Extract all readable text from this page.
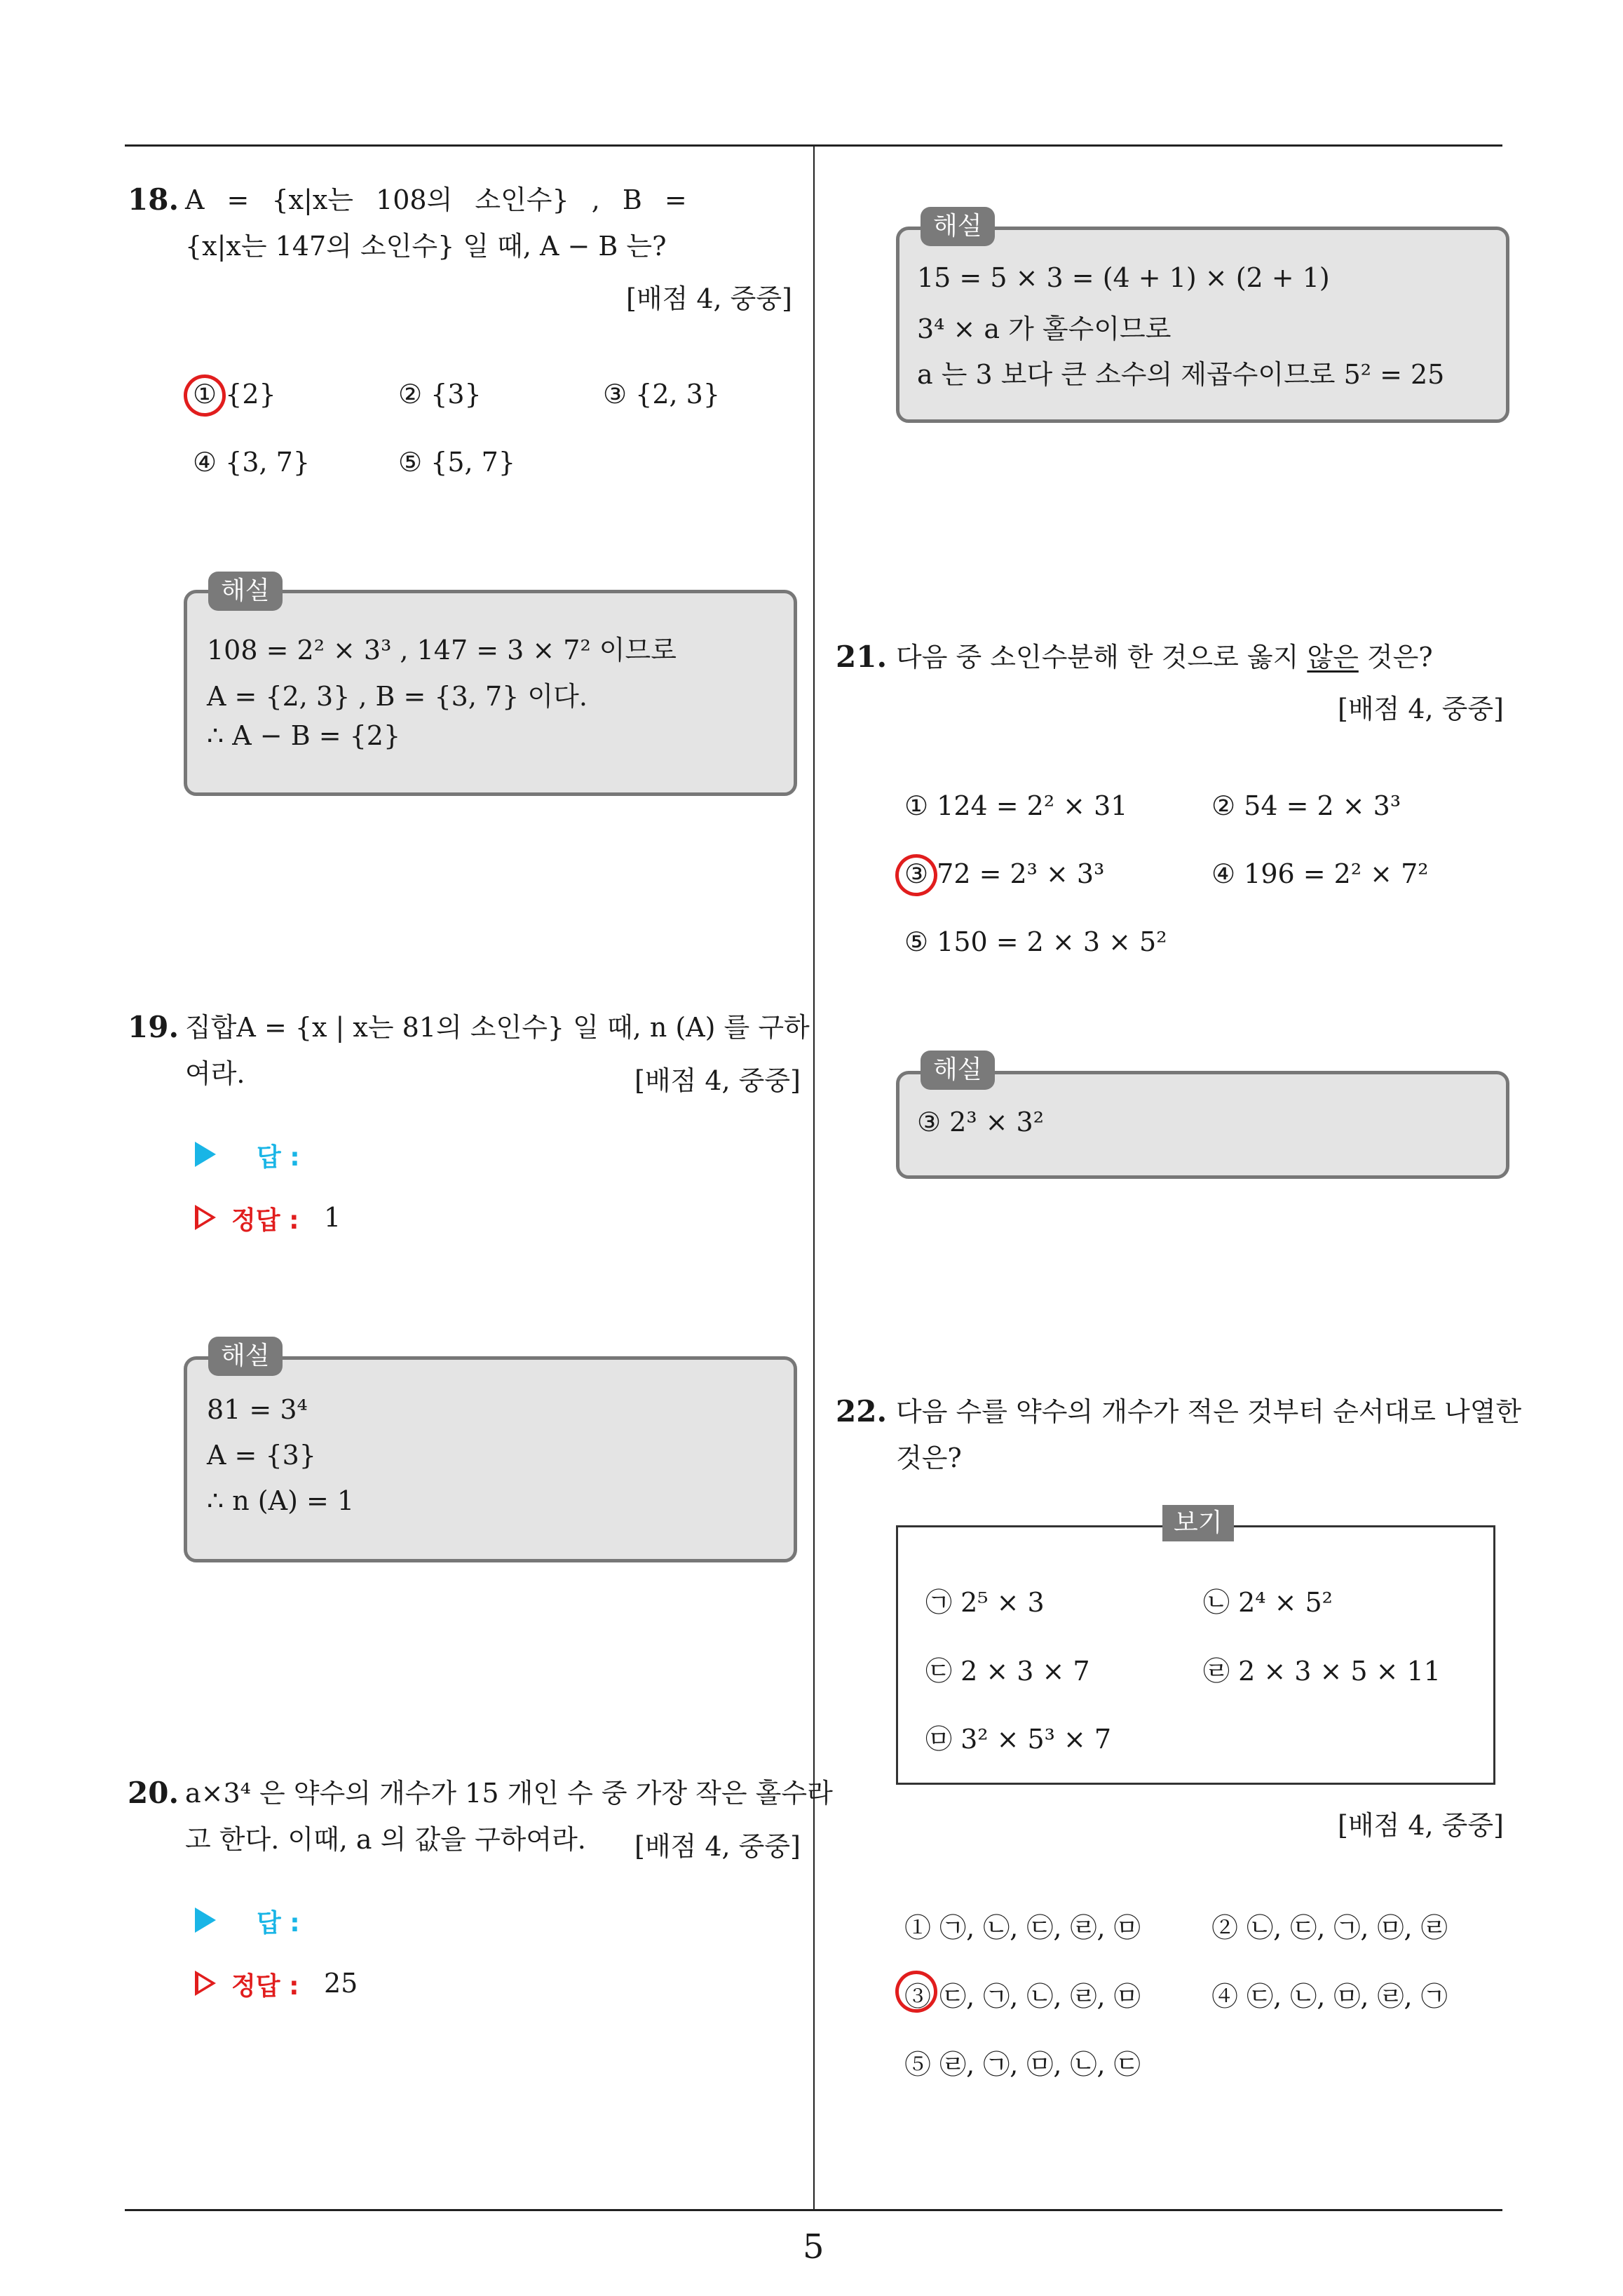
18. A = {x|x는 108의 소인수} , B =
{x|x는 147의 소인수} 일 때, A − B 는?
[배점 4, 중중]
① {2}	② {3}	③ {2, 3}
④ {3, 7}	⑤ {5, 7}
해설
108 = 2² × 3³ , 147 = 3 × 7² 이므로
A = {2, 3} , B = {3, 7} 이다.
∴ A − B = {2}
19. 집합A = {x | x는 81의 소인수} 일 때, n (A) 를 구하
여라.	[배점 4, 중중]
답 :
정답 : 1
해설
81 = 3⁴
A = {3}
∴ n (A) = 1
20. a×3⁴ 은 약수의 개수가 15 개인 수 중 가장 작은 홀수라
고 한다. 이때, a 의 값을 구하여라. [배점 4, 중중]
답 :
정답 : 25
해설
15 = 5 × 3 = (4 + 1) × (2 + 1)
3⁴ × a 가 홀수이므로
a 는 3 보다 큰 소수의 제곱수이므로 5² = 25
21. 다음 중 소인수분해 한 것으로 옳지 않은 것은?
[배점 4, 중중]
① 124 = 2² × 31	② 54 = 2 × 3³
③ 72 = 2³ × 3³	④ 196 = 2² × 7²
⑤ 150 = 2 × 3 × 5²
해설
③ 2³ × 3²
22. 다음 수를 약수의 개수가 적은 것부터 순서대로 나열한
것은?
보기
㉠ 2⁵ × 3	㉡ 2⁴ × 5²
㉢ 2 × 3 × 7	㉣ 2 × 3 × 5 × 11
㉤ 3² × 5³ × 7
[배점 4, 중중]
① ㉠, ㉡, ㉢, ㉣, ㉤	② ㉡, ㉢, ㉠, ㉤, ㉣
③ ㉢, ㉠, ㉡, ㉣, ㉤	④ ㉢, ㉡, ㉤, ㉣, ㉠
⑤ ㉣, ㉠, ㉤, ㉡, ㉢
5
